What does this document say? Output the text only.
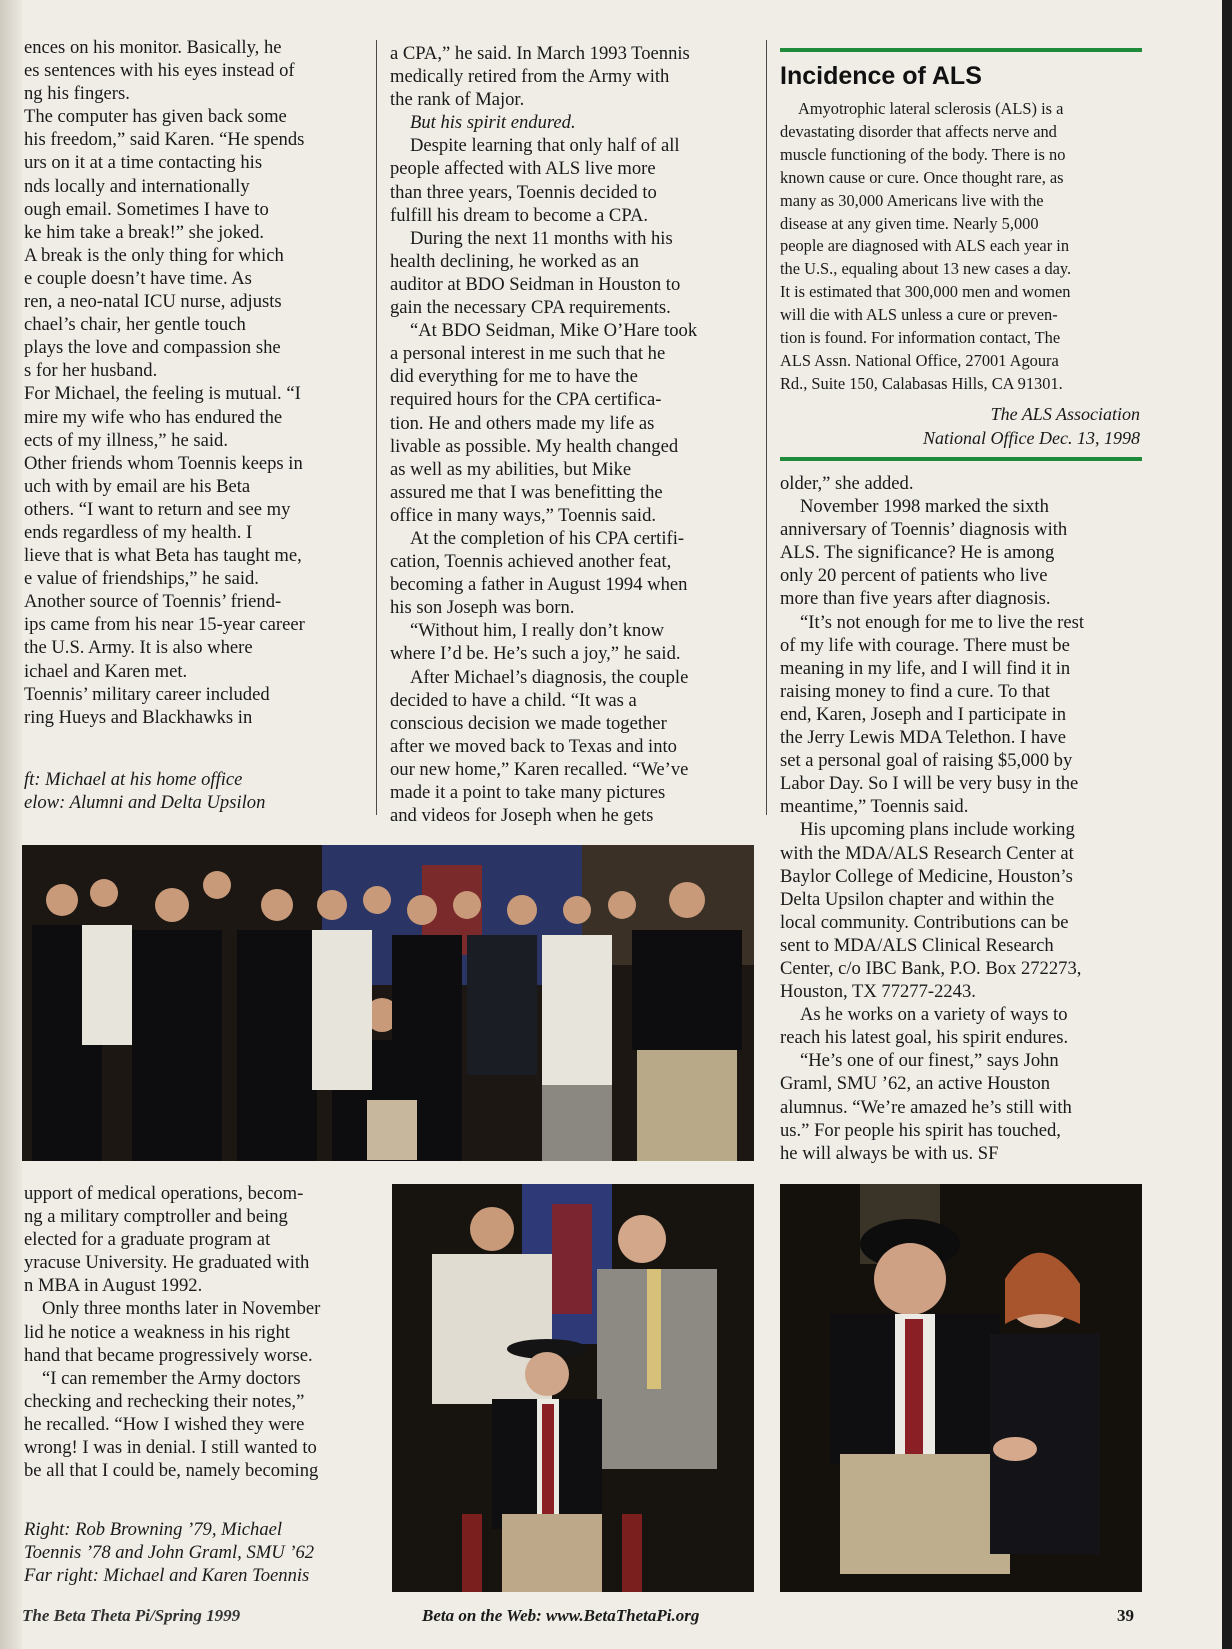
ences on his monitor. Basically, he

es sentences with his eyes instead of

ng his fingers.

The computer has given back some

his freedom,” said Karen. “He spends

urs on it at a time contacting his

nds locally and internationally

ough email. Sometimes I have to

ke him take a break!” she joked.

A break is the only thing for which

e couple doesn’t have time. As

ren, a neo-natal ICU nurse, adjusts

chael’s chair, her gentle touch

plays the love and compassion she

s for her husband.

For Michael, the feeling is mutual. “I

mire my wife who has endured the

ects of my illness,” he said.

Other friends whom Toennis keeps in

uch with by email are his Beta

others. “I want to return and see my

ends regardless of my health. I

lieve that is what Beta has taught me,

e value of friendships,” he said.

Another source of Toennis’ friend-

ips came from his near 15-year career

the U.S. Army. It is also where

ichael and Karen met.

Toennis’ military career included

ring Hueys and Blackhawks in

ft: Michael at his home office

elow: Alumni and Delta Upsilon

a CPA,” he said. In March 1993 Toennis

medically retired from the Army with

the rank of Major.

But his spirit endured.

Despite learning that only half of all

people affected with ALS live more

than three years, Toennis decided to

fulfill his dream to become a CPA.

During the next 11 months with his

health declining, he worked as an

auditor at BDO Seidman in Houston to

gain the necessary CPA requirements.

“At BDO Seidman, Mike O’Hare took

a personal interest in me such that he

did everything for me to have the

required hours for the CPA certifica-

tion. He and others made my life as

livable as possible. My health changed

as well as my abilities, but Mike

assured me that I was benefitting the

office in many ways,” Toennis said.

At the completion of his CPA certifi-

cation, Toennis achieved another feat,

becoming a father in August 1994 when

his son Joseph was born.

“Without him, I really don’t know

where I’d be. He’s such a joy,” he said.

After Michael’s diagnosis, the couple

decided to have a child. “It was a

conscious decision we made together

after we moved back to Texas and into

our new home,” Karen recalled. “We’ve

made it a point to take many pictures

and videos for Joseph when he gets

Incidence of ALS

Amyotrophic lateral sclerosis (ALS) is a

devastating disorder that affects nerve and

muscle functioning of the body. There is no

known cause or cure. Once thought rare, as

many as 30,000 Americans live with the

disease at any given time. Nearly 5,000

people are diagnosed with ALS each year in

the U.S., equaling about 13 new cases a day.

It is estimated that 300,000 men and women

will die with ALS unless a cure or preven-

tion is found. For information contact, The

ALS Assn. National Office, 27001 Agoura

Rd., Suite 150, Calabasas Hills, CA 91301.

The ALS Association
National Office Dec. 13, 1998

older,” she added.

November 1998 marked the sixth

anniversary of Toennis’ diagnosis with

ALS. The significance? He is among

only 20 percent of patients who live

more than five years after diagnosis.

“It’s not enough for me to live the rest

of my life with courage. There must be

meaning in my life, and I will find it in

raising money to find a cure. To that

end, Karen, Joseph and I participate in

the Jerry Lewis MDA Telethon. I have

set a personal goal of raising $5,000 by

Labor Day. So I will be very busy in the

meantime,” Toennis said.

His upcoming plans include working

with the MDA/ALS Research Center at

Baylor College of Medicine, Houston’s

Delta Upsilon chapter and within the

local community. Contributions can be

sent to MDA/ALS Clinical Research

Center, c/o IBC Bank, P.O. Box 272273,

Houston, TX 77277-2243.

As he works on a variety of ways to

reach his latest goal, his spirit endures.

“He’s one of our finest,” says John

Graml, SMU ’62, an active Houston

alumnus. “We’re amazed he’s still with

us.” For people his spirit has touched,

he will always be with us. SF

upport of medical operations, becom-

ng a military comptroller and being

elected for a graduate program at

yracuse University. He graduated with

n MBA in August 1992.

Only three months later in November

lid he notice a weakness in his right

hand that became progressively worse.

“I can remember the Army doctors

checking and rechecking their notes,”

he recalled. “How I wished they were

wrong! I was in denial. I still wanted to

be all that I could be, namely becoming

Right: Rob Browning ’79, Michael

Toennis ’78 and John Graml, SMU ’62

Far right: Michael and Karen Toennis

The Beta Theta Pi/Spring 1999	Beta on the Web: www.BetaThetaPi.org	39
